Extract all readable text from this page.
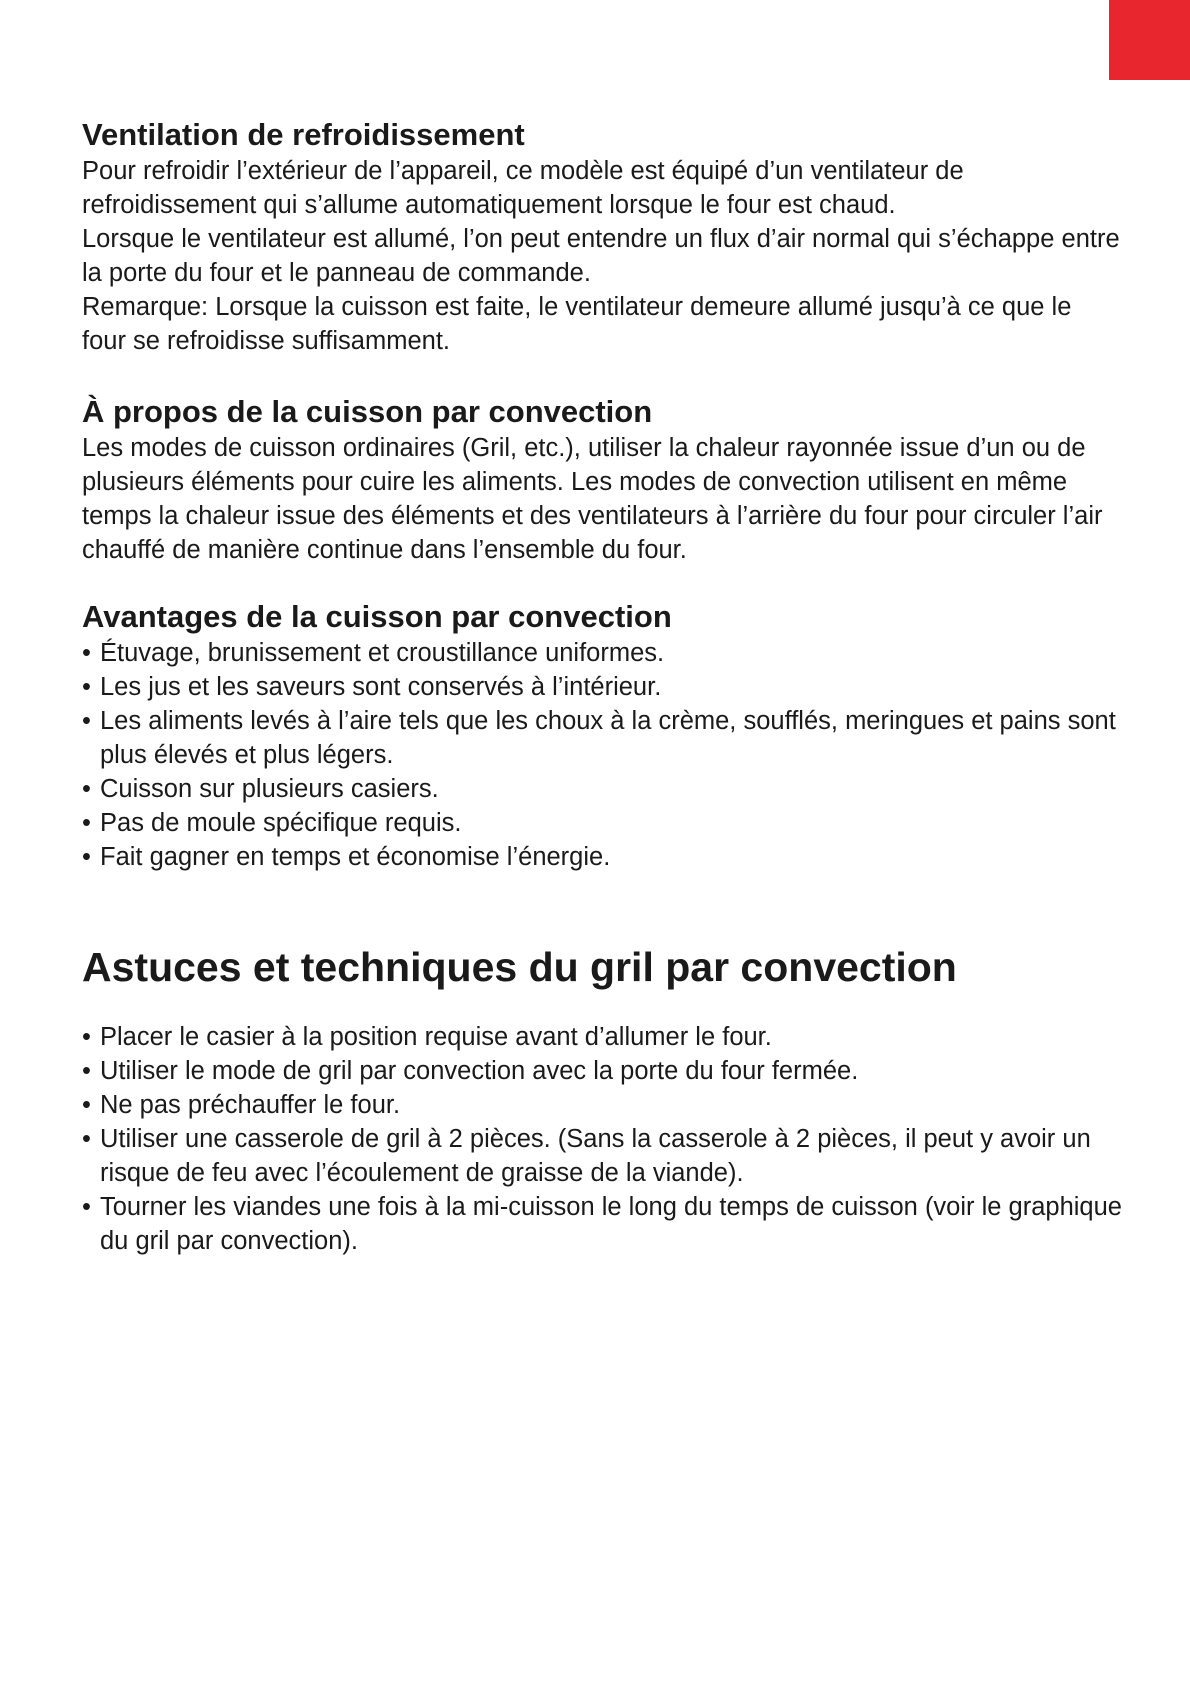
Ventilation de refroidissement

Pour refroidir l’extérieur de l’appareil, ce modèle est équipé d’un ventilateur de refroidissement qui s’allume automatiquement lorsque le four est chaud.

Lorsque le ventilateur est allumé, l’on peut entendre un flux d’air normal qui s’échappe entre la porte du four et le panneau de commande.

Remarque: Lorsque la cuisson est faite, le ventilateur demeure allumé jusqu’à ce que le four se refroidisse suffisamment.

À propos de la cuisson par convection

Les modes de cuisson ordinaires (Gril, etc.), utiliser la chaleur rayonnée issue d’un ou de plusieurs éléments pour cuire les aliments. Les modes de convection utilisent en même temps la chaleur issue des éléments et des ventilateurs à l’arrière du four pour circuler l’air chauffé de manière continue dans l’ensemble du four.

Avantages de la cuisson par convection
• Étuvage, brunissement et croustillance uniformes.
• Les jus et les saveurs sont conservés à l’intérieur.
• Les aliments levés à l’aire tels que les choux à la crème, soufflés, meringues et pains sont plus élevés et plus légers.
• Cuisson sur plusieurs casiers.
• Pas de moule spécifique requis.
• Fait gagner en temps et économise l’énergie.
Astuces et techniques du gril par convection
• Placer le casier à la position requise avant d’allumer le four.
• Utiliser le mode de gril par convection avec la porte du four fermée.
• Ne pas préchauffer le four.
• Utiliser une casserole de gril à 2 pièces. (Sans la casserole à 2 pièces, il peut y avoir un risque de feu avec l’écoulement de graisse de la viande).
• Tourner les viandes une fois à la mi-cuisson le long du temps de cuisson (voir le graphique du gril par convection).
